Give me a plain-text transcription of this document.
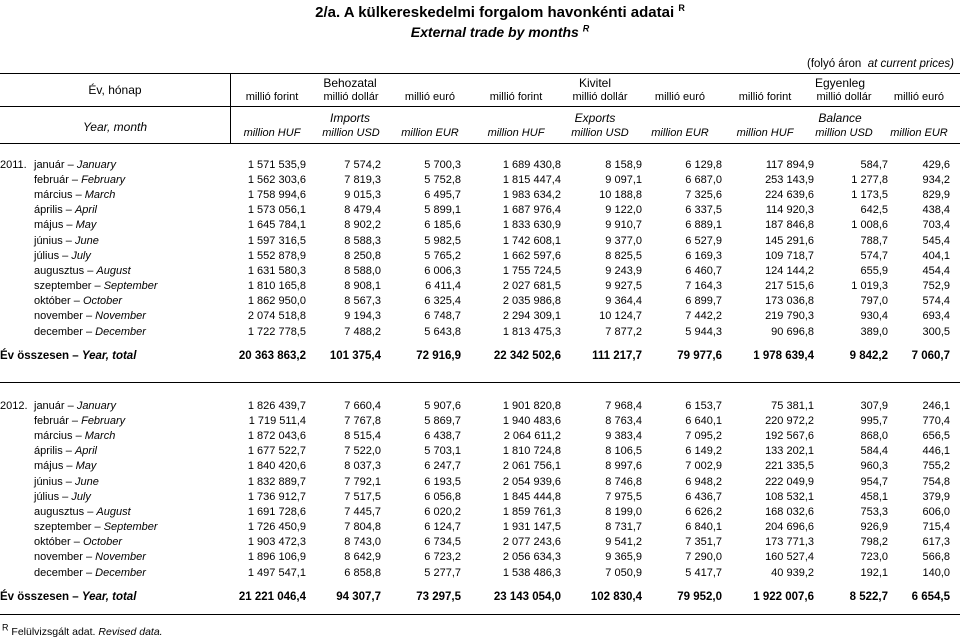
2/a. A külkereskedelmi forgalom havonkénti adatai $^R$
External trade by months $^R$
(folyó áron at current prices)
Év, hónap
Year, month
Behozatal	Kivitel	Egyenleg
millió forint	millió dollár	millió euró	millió forint	millió dollár	millió euró	millió forint	millió dollár	millió euró
Imports	Exports	Balance
million HUF	million USD	million EUR	million HUF	million USD	million EUR	million HUF	million USD	million EUR
2011.	január – January	1 571 535,9	7 574,2	5 700,3	1 689 430,8	8 158,9	6 129,8	117 894,9	584,7	429,6
	február – February	1 562 303,6	7 819,3	5 752,8	1 815 447,4	9 097,1	6 687,0	253 143,9	1 277,8	934,2
	március – March	1 758 994,6	9 015,3	6 495,7	1 983 634,2	10 188,8	7 325,6	224 639,6	1 173,5	829,9
	április – April	1 573 056,1	8 479,4	5 899,1	1 687 976,4	9 122,0	6 337,5	114 920,3	642,5	438,4
	május – May	1 645 784,1	8 902,2	6 185,6	1 833 630,9	9 910,7	6 889,1	187 846,8	1 008,6	703,4
	június – June	1 597 316,5	8 588,3	5 982,5	1 742 608,1	9 377,0	6 527,9	145 291,6	788,7	545,4
	július – July	1 552 878,9	8 250,8	5 765,2	1 662 597,6	8 825,5	6 169,3	109 718,7	574,7	404,1
	augusztus – August	1 631 580,3	8 588,0	6 006,3	1 755 724,5	9 243,9	6 460,7	124 144,2	655,9	454,4
	szeptember – September	1 810 165,8	8 908,1	6 411,4	2 027 681,5	9 927,5	7 164,3	217 515,6	1 019,3	752,9
	október – October	1 862 950,0	8 567,3	6 325,4	2 035 986,8	9 364,4	6 899,7	173 036,8	797,0	574,4
	november – November	2 074 518,8	9 194,3	6 748,7	2 294 309,1	10 124,7	7 442,2	219 790,3	930,4	693,4
	december – December	1 722 778,5	7 488,2	5 643,8	1 813 475,3	7 877,2	5 944,3	90 696,8	389,0	300,5

Év összesen – Year, total		20 363 863,2	101 375,4	72 916,9	22 342 502,6	111 217,7	79 977,6	1 978 639,4	9 842,2	7 060,7
2012.	január – January	1 826 439,7	7 660,4	5 907,6	1 901 820,8	7 968,4	6 153,7	75 381,1	307,9	246,1
	február – February	1 719 511,4	7 767,8	5 869,7	1 940 483,6	8 763,4	6 640,1	220 972,2	995,7	770,4
	március – March	1 872 043,6	8 515,4	6 438,7	2 064 611,2	9 383,4	7 095,2	192 567,6	868,0	656,5
	április – April	1 677 522,7	7 522,0	5 703,1	1 810 724,8	8 106,5	6 149,2	133 202,1	584,4	446,1
	május – May	1 840 420,6	8 037,3	6 247,7	2 061 756,1	8 997,6	7 002,9	221 335,5	960,3	755,2
	június – June	1 832 889,7	7 792,1	6 193,5	2 054 939,6	8 746,8	6 948,2	222 049,9	954,7	754,8
	július – July	1 736 912,7	7 517,5	6 056,8	1 845 444,8	7 975,5	6 436,7	108 532,1	458,1	379,9
	augusztus – August	1 691 728,6	7 445,7	6 020,2	1 859 761,3	8 199,0	6 626,2	168 032,6	753,3	606,0
	szeptember – September	1 726 450,9	7 804,8	6 124,7	1 931 147,5	8 731,7	6 840,1	204 696,6	926,9	715,4
	október – October	1 903 472,3	8 743,0	6 734,5	2 077 243,6	9 541,2	7 351,7	173 771,3	798,2	617,3
	november – November	1 896 106,9	8 642,9	6 723,2	2 056 634,3	9 365,9	7 290,0	160 527,4	723,0	566,8
	december – December	1 497 547,1	6 858,8	5 277,7	1 538 486,3	7 050,9	5 417,7	40 939,2	192,1	140,0

Év összesen – Year, total		21 221 046,4	94 307,7	73 297,5	23 143 054,0	102 830,4	79 952,0	1 922 007,6	8 522,7	6 654,5
$^R$ Felülvizsgált adat. Revised data.
